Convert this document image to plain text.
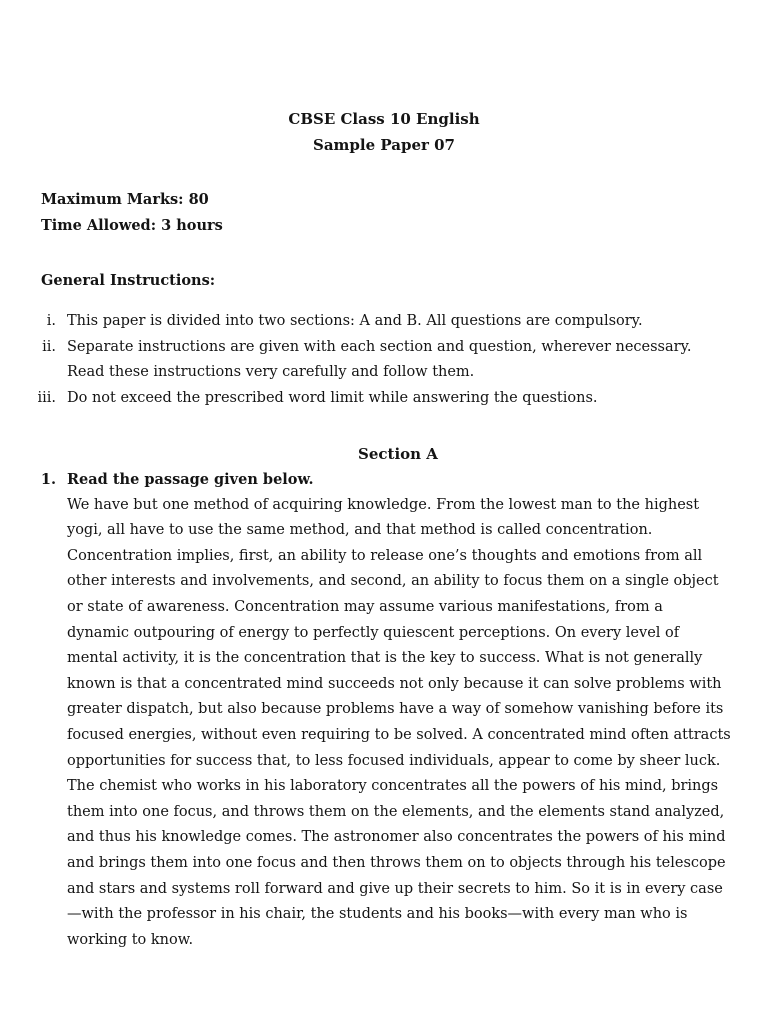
CBSE Class 10 English
Sample Paper 07
Maximum Marks: 80
Time Allowed: 3 hours
General Instructions:
i. This paper is divided into two sections: A and B. All questions are compulsory.
ii. Separate instructions are given with each section and question, wherever necessary. Read these instructions very carefully and follow them.
iii. Do not exceed the prescribed word limit while answering the questions.
Section A
1. Read the passage given below.
We have but one method of acquiring knowledge. From the lowest man to the highest
yogi, all have to use the same method, and that method is called concentration.
Concentration implies, first, an ability to release one’s thoughts and emotions from all
other interests and involvements, and second, an ability to focus them on a single object
or state of awareness. Concentration may assume various manifestations, from a
dynamic outpouring of energy to perfectly quiescent perceptions. On every level of
mental activity, it is the concentration that is the key to success. What is not generally
known is that a concentrated mind succeeds not only because it can solve problems with
greater dispatch, but also because problems have a way of somehow vanishing before its
focused energies, without even requiring to be solved. A concentrated mind often attracts
opportunities for success that, to less focused individuals, appear to come by sheer luck.
The chemist who works in his laboratory concentrates all the powers of his mind, brings
them into one focus, and throws them on the elements, and the elements stand analyzed,
and thus his knowledge comes. The astronomer also concentrates the powers of his mind
and brings them into one focus and then throws them on to objects through his telescope
and stars and systems roll forward and give up their secrets to him. So it is in every case
—with the professor in his chair, the students and his books—with every man who is
working to know.
